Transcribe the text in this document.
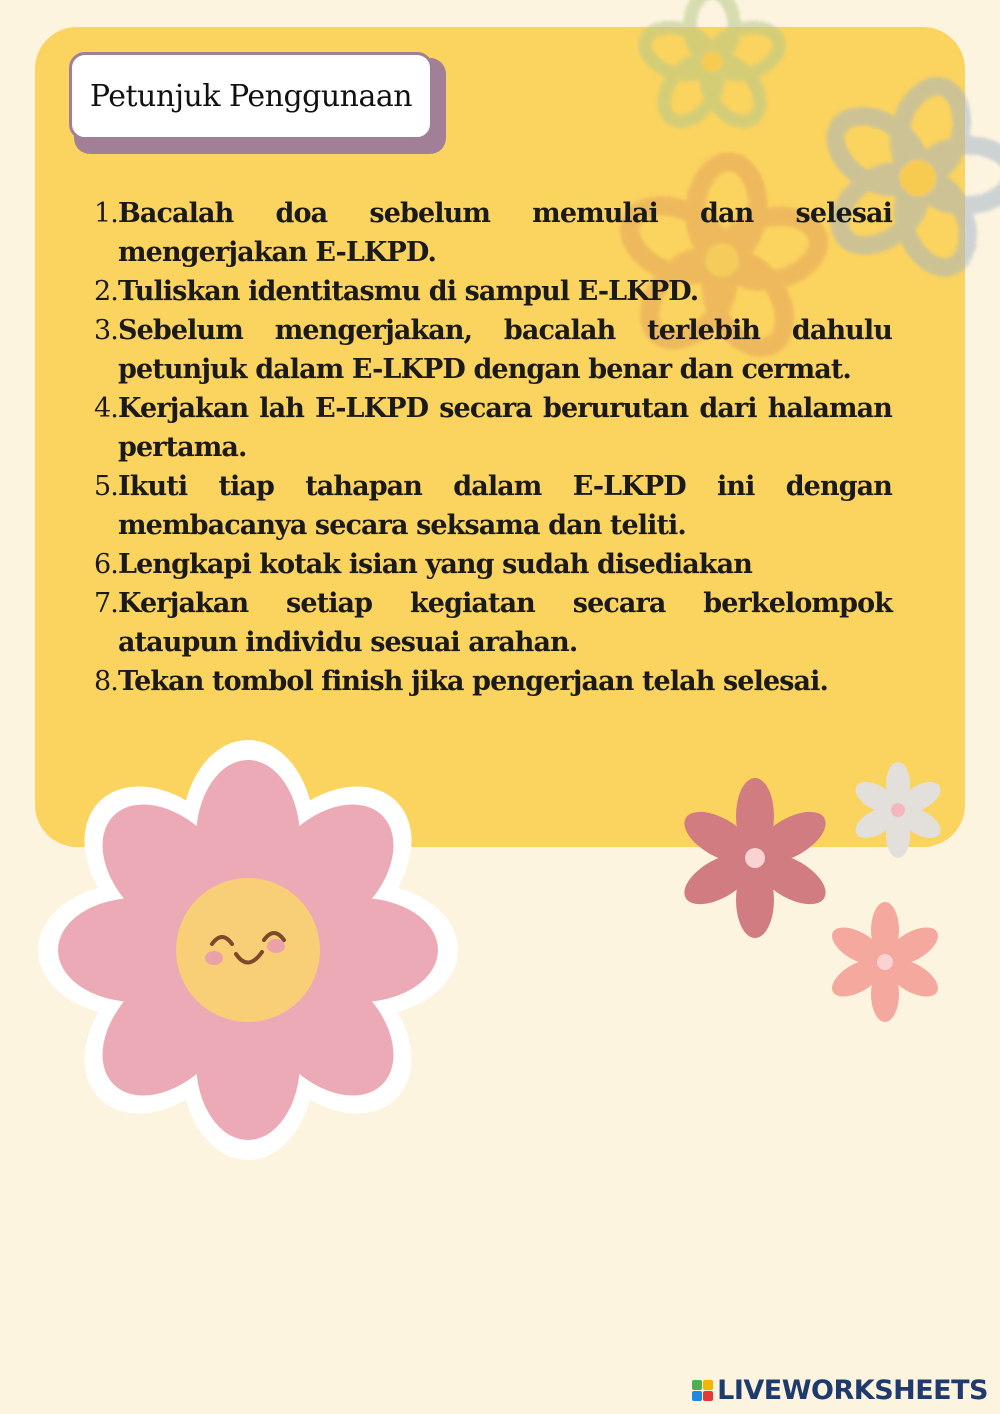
Petunjuk Penggunaan
1. Bacalah doa sebelum memulai dan selesai mengerjakan E-LKPD.
2. Tuliskan identitasmu di sampul E-LKPD.
3. Sebelum mengerjakan, bacalah terlebih dahulu petunjuk dalam E-LKPD dengan benar dan cermat.
4. Kerjakan lah E-LKPD secara berurutan dari halaman pertama.
5. Ikuti tiap tahapan dalam E-LKPD ini dengan membacanya secara seksama dan teliti.
6. Lengkapi kotak isian yang sudah disediakan
7. Kerjakan setiap kegiatan secara berkelompok ataupun individu sesuai arahan.
8. Tekan tombol finish jika pengerjaan telah selesai.
LIVEWORKSHEETS
